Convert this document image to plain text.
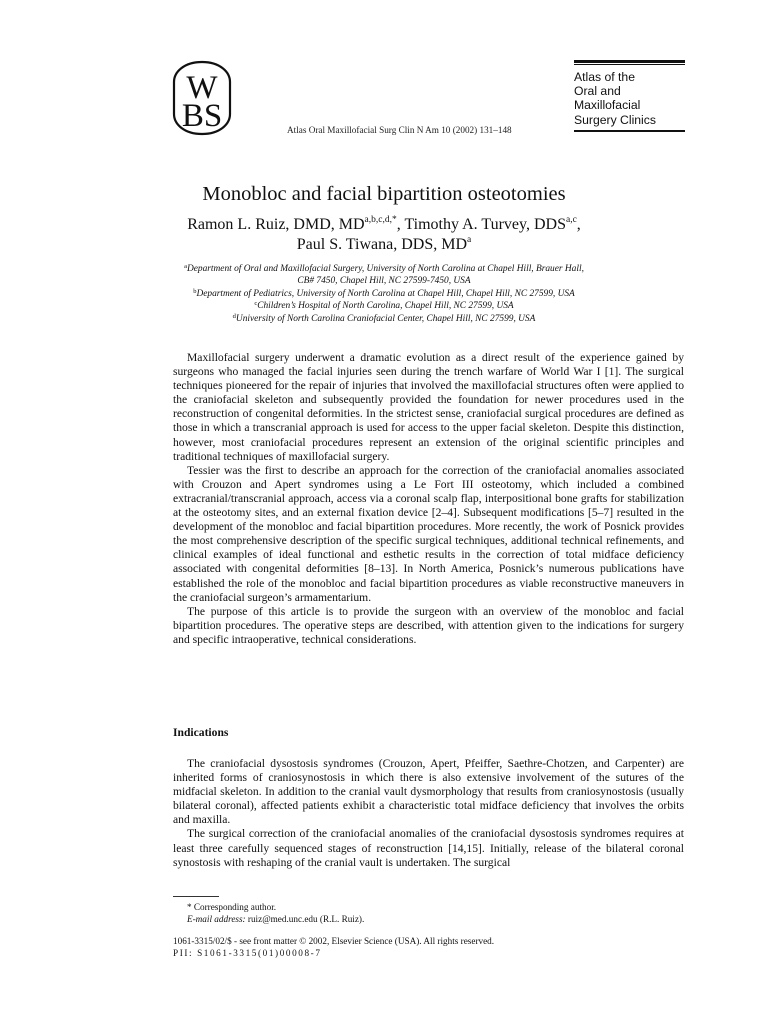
W
BS
Atlas of the
Oral and
Maxillofacial
Surgery Clinics
Atlas Oral Maxillofacial Surg Clin N Am 10 (2002) 131–148
Monobloc and facial bipartition osteotomies
Ramon L. Ruiz, DMD, $MD^{a,b,c,d,*}$, Timothy A. Turvey, DDS$^{a,c}$,
Paul S. Tiwana, DDS, $MD^a$
$^a$Department of Oral and Maxillofacial Surgery, University of North Carolina at Chapel Hill, Brauer Hall,
CB# 7450, Chapel Hill, NC 27599-7450, USA
$^b$Department of Pediatrics, University of North Carolina at Chapel Hill, Chapel Hill, NC 27599, USA
$^c$Children’s Hospital of North Carolina, Chapel Hill, NC 27599, USA
$^d$University of North Carolina Craniofacial Center, Chapel Hill, NC 27599, USA

Maxillofacial surgery underwent a dramatic evolution as a direct result of the experience gained by surgeons who managed the facial injuries seen during the trench warfare of World War I [1]. The surgical techniques pioneered for the repair of injuries that involved the maxillofacial structures often were applied to the craniofacial skeleton and subsequently provided the foundation for newer procedures used in the reconstruction of congenital deformities. In the strictest sense, craniofacial surgical procedures are defined as those in which a transcranial approach is used for access to the upper facial skeleton. Despite this distinction, however, most craniofacial procedures represent an extension of the original scientific principles and traditional techniques of maxillofacial surgery.

Tessier was the first to describe an approach for the correction of the craniofacial anomalies associated with Crouzon and Apert syndromes using a Le Fort III osteotomy, which included a combined extracranial/transcranial approach, access via a coronal scalp flap, interpositional bone grafts for stabilization at the osteotomy sites, and an external fixation device [2–4]. Subsequent modifications [5–7] resulted in the development of the monobloc and facial bipartition procedures. More recently, the work of Posnick provides the most comprehensive description of the specific surgical techniques, additional technical refinements, and clinical examples of ideal functional and esthetic results in the correction of total midface deficiency associated with congenital deformities [8–13]. In North America, Posnick’s numerous publications have established the role of the monobloc and facial bipartition procedures as viable reconstructive maneuvers in the craniofacial surgeon’s armamentarium.

The purpose of this article is to provide the surgeon with an overview of the monobloc and facial bipartition procedures. The operative steps are described, with attention given to the indications for surgery and specific intraoperative, technical considerations.

Indications

The craniofacial dysostosis syndromes (Crouzon, Apert, Pfeiffer, Saethre-Chotzen, and Carpenter) are inherited forms of craniosynostosis in which there is also extensive involvement of the sutures of the midfacial skeleton. In addition to the cranial vault dysmorphology that results from craniosynostosis (usually bilateral coronal), affected patients exhibit a characteristic total midface deficiency that involves the orbits and maxilla.

The surgical correction of the craniofacial anomalies of the craniofacial dysostosis syndromes requires at least three carefully sequenced stages of reconstruction [14,15]. Initially, release of the bilateral coronal synostosis with reshaping of the cranial vault is undertaken. The surgical

* Corresponding author.
E-mail address: ruiz@med.unc.edu (R.L. Ruiz).
1061-3315/02/$ - see front matter © 2002, Elsevier Science (USA). All rights reserved.
PII: S1061-3315(01)00008-7
